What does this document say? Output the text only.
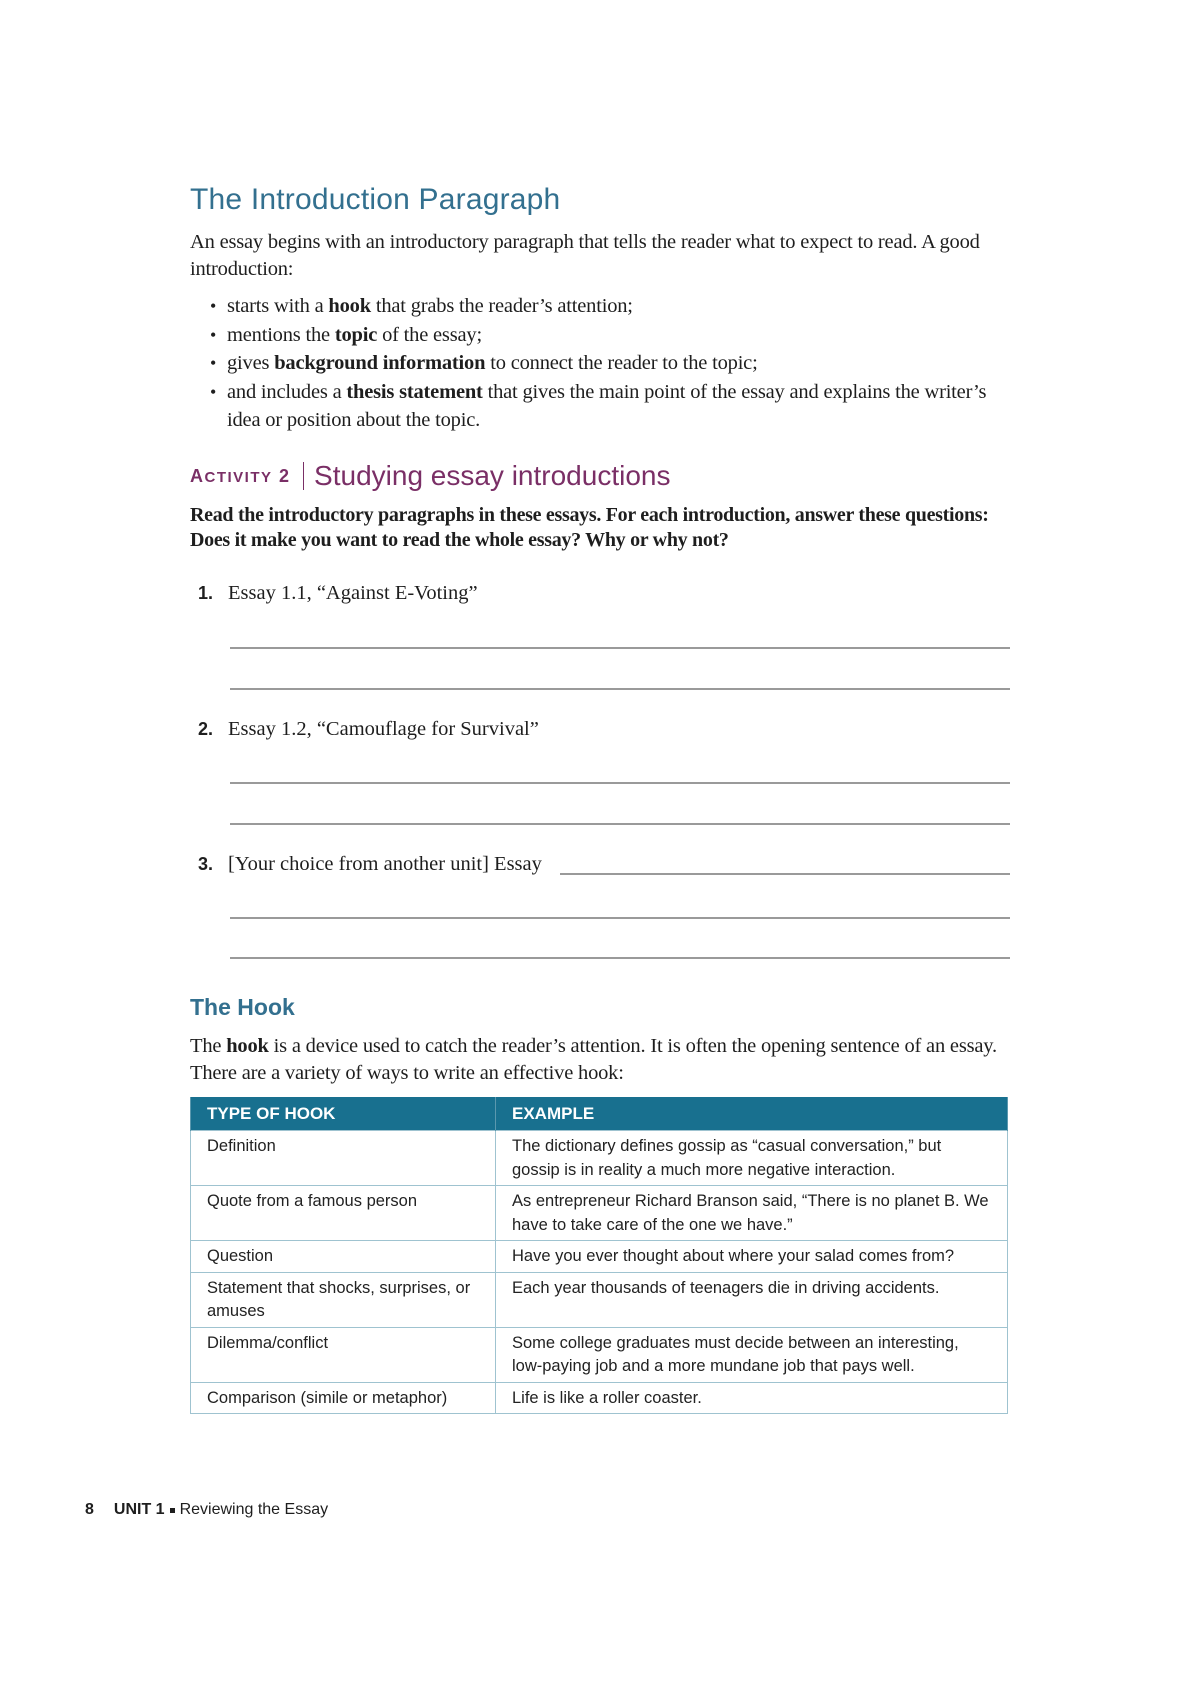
The Introduction Paragraph

An essay begins with an introductory paragraph that tells the reader what to expect to read. A good introduction:

• starts with a hook that grabs the reader’s attention;
• mentions the topic of the essay;
• gives background information to connect the reader to the topic;
• and includes a thesis statement that gives the main point of the essay and explains the writer’s idea or position about the topic.
ACTIVITY 2 Studying essay introductions

Read the introductory paragraphs in these essays. For each introduction, answer these questions: Does it make you want to read the whole essay? Why or why not?

1. Essay 1.1, “Against E-Voting”
2. Essay 1.2, “Camouflage for Survival”
3. [Your choice from another unit] Essay
The Hook

The hook is a device used to catch the reader’s attention. It is often the opening sentence of an essay. There are a variety of ways to write an effective hook:

TYPE OF HOOK	EXAMPLE
Definition	The dictionary defines gossip as “casual conversation,” but gossip is in reality a much more negative interaction.
Quote from a famous person	As entrepreneur Richard Branson said, “There is no planet B. We have to take care of the one we have.”
Question	Have you ever thought about where your salad comes from?
Statement that shocks, surprises, or amuses	Each year thousands of teenagers die in driving accidents.
Dilemma/conflict	Some college graduates must decide between an interesting, low-paying job and a more mundane job that pays well.
Comparison (simile or metaphor)	Life is like a roller coaster.
8 UNIT 1 Reviewing the Essay
